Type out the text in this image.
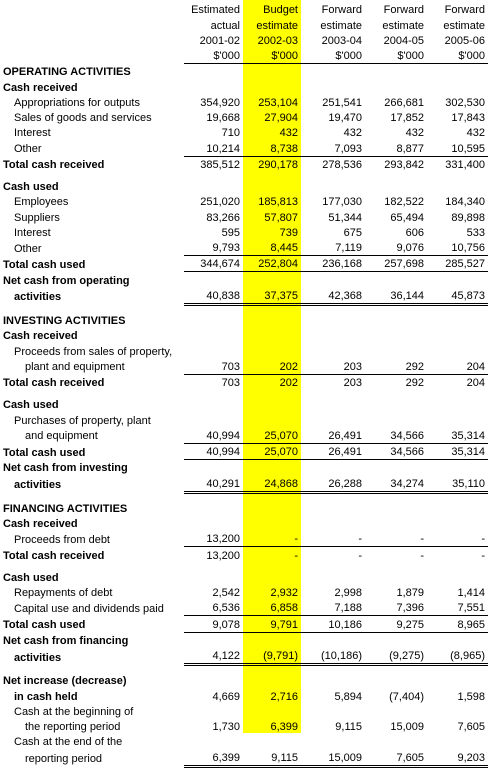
	Estimated	Budget	Forward	Forward	Forward
	actual	estimate	estimate	estimate	estimate
	2001-02	2002-03	2003-04	2004-05	2005-06
	$'000	$'000	$'000	$'000	$'000
OPERATING ACTIVITIES					
Cash received					
Appropriations for outputs	354,920	253,104	251,541	266,681	302,530
Sales of goods and services	19,668	27,904	19,470	17,852	17,843
Interest	710	432	432	432	432
Other	10,214	8,738	7,093	8,877	10,595
Total cash received	385,512	290,178	278,536	293,842	331,400

Cash used					
Employees	251,020	185,813	177,030	182,522	184,340
Suppliers	83,266	57,807	51,344	65,494	89,898
Interest	595	739	675	606	533
Other	9,793	8,445	7,119	9,076	10,756
Total cash used	344,674	252,804	236,168	257,698	285,527
Net cash from operating					
activities	40,838	37,375	42,368	36,144	45,873

INVESTING ACTIVITIES					
Cash received					
Proceeds from sales of property,					
plant and equipment	703	202	203	292	204
Total cash received	703	202	203	292	204

Cash used					
Purchases of property, plant					
and equipment	40,994	25,070	26,491	34,566	35,314
Total cash used	40,994	25,070	26,491	34,566	35,314
Net cash from investing					
activities	40,291	24,868	26,288	34,274	35,110

FINANCING ACTIVITIES					
Cash received					
Proceeds from debt	13,200	-	-	-	-
Total cash received	13,200	-	-	-	-

Cash used					
Repayments of debt	2,542	2,932	2,998	1,879	1,414
Capital use and dividends paid	6,536	6,858	7,188	7,396	7,551
Total cash used	9,078	9,791	10,186	9,275	8,965
Net cash from financing					
activities	4,122	(9,791)	(10,186)	(9,275)	(8,965)

Net increase (decrease)					
in cash held	4,669	2,716	5,894	(7,404)	1,598
Cash at the beginning of					
the reporting period	1,730	6,399	9,115	15,009	7,605
Cash at the end of the					
reporting period	6,399	9,115	15,009	7,605	9,203
